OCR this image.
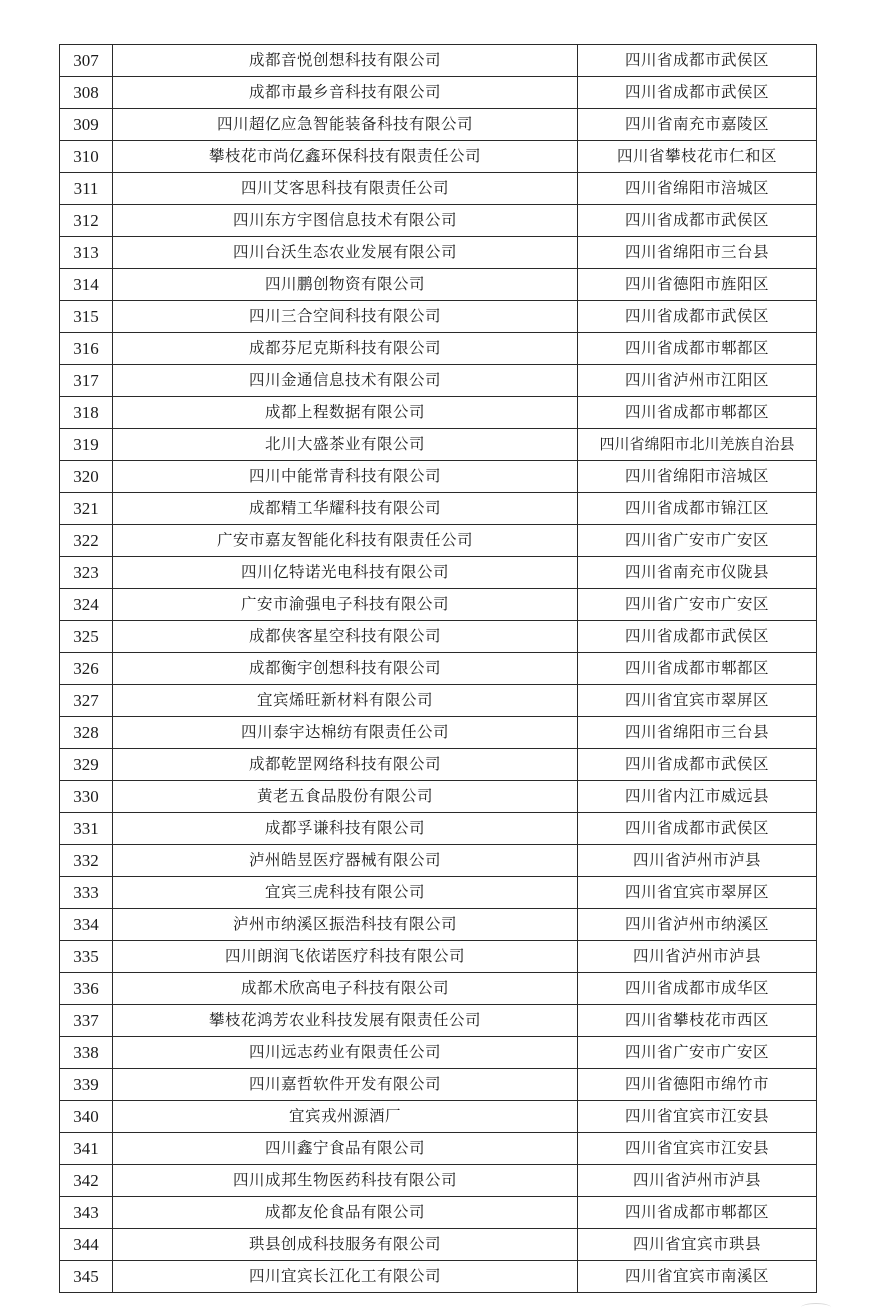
307	成都音悦创想科技有限公司	四川省成都市武侯区
308	成都市最乡音科技有限公司	四川省成都市武侯区
309	四川超亿应急智能装备科技有限公司	四川省南充市嘉陵区
310	攀枝花市尚亿鑫环保科技有限责任公司	四川省攀枝花市仁和区
311	四川艾客思科技有限责任公司	四川省绵阳市涪城区
312	四川东方宇图信息技术有限公司	四川省成都市武侯区
313	四川台沃生态农业发展有限公司	四川省绵阳市三台县
314	四川鹏创物资有限公司	四川省德阳市旌阳区
315	四川三合空间科技有限公司	四川省成都市武侯区
316	成都芬尼克斯科技有限公司	四川省成都市郫都区
317	四川金通信息技术有限公司	四川省泸州市江阳区
318	成都上程数据有限公司	四川省成都市郫都区
319	北川大盛茶业有限公司	四川省绵阳市北川羌族自治县
320	四川中能常青科技有限公司	四川省绵阳市涪城区
321	成都精工华耀科技有限公司	四川省成都市锦江区
322	广安市嘉友智能化科技有限责任公司	四川省广安市广安区
323	四川亿特诺光电科技有限公司	四川省南充市仪陇县
324	广安市渝强电子科技有限公司	四川省广安市广安区
325	成都侠客星空科技有限公司	四川省成都市武侯区
326	成都衡宇创想科技有限公司	四川省成都市郫都区
327	宜宾烯旺新材料有限公司	四川省宜宾市翠屏区
328	四川泰宇达棉纺有限责任公司	四川省绵阳市三台县
329	成都乾罡网络科技有限公司	四川省成都市武侯区
330	黄老五食品股份有限公司	四川省内江市威远县
331	成都孚谦科技有限公司	四川省成都市武侯区
332	泸州皓昱医疗器械有限公司	四川省泸州市泸县
333	宜宾三虎科技有限公司	四川省宜宾市翠屏区
334	泸州市纳溪区振浩科技有限公司	四川省泸州市纳溪区
335	四川朗润飞依诺医疗科技有限公司	四川省泸州市泸县
336	成都术欣高电子科技有限公司	四川省成都市成华区
337	攀枝花鸿芳农业科技发展有限责任公司	四川省攀枝花市西区
338	四川远志药业有限责任公司	四川省广安市广安区
339	四川嘉哲软件开发有限公司	四川省德阳市绵竹市
340	宜宾戎州源酒厂	四川省宜宾市江安县
341	四川鑫宁食品有限公司	四川省宜宾市江安县
342	四川成邦生物医药科技有限公司	四川省泸州市泸县
343	成都友伦食品有限公司	四川省成都市郫都区
344	珙县创成科技服务有限公司	四川省宜宾市珙县
345	四川宜宾长江化工有限公司	四川省宜宾市南溪区
